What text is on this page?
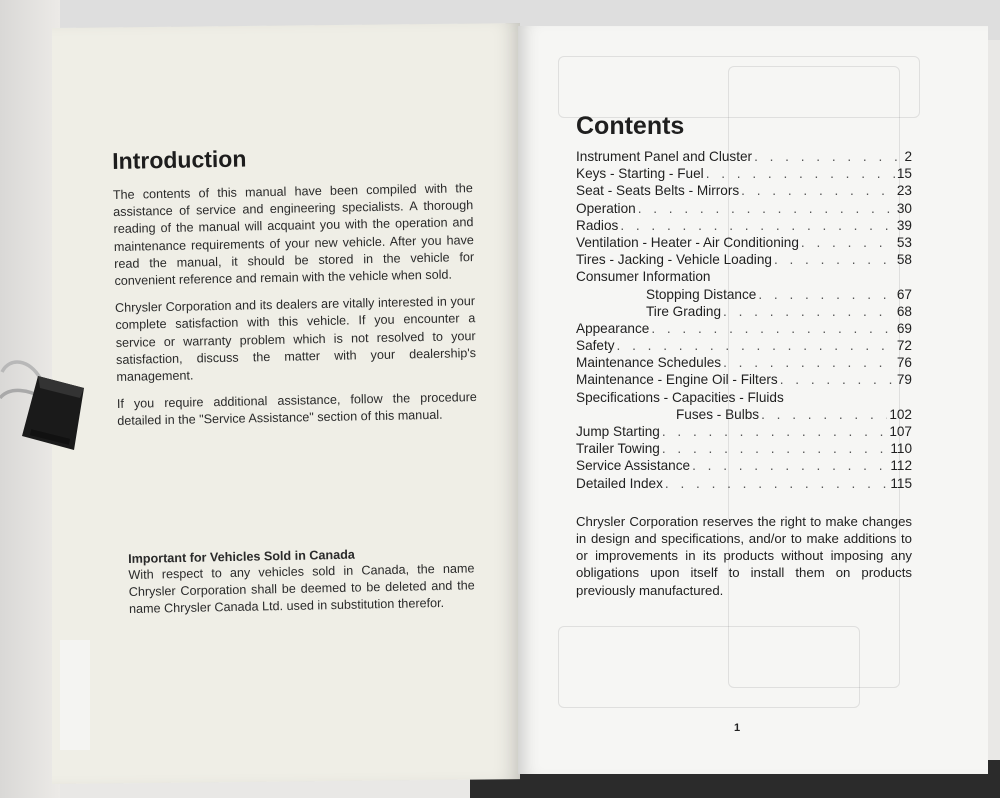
Introduction

The contents of this manual have been compiled with the assistance of service and engineering specialists. A thorough reading of the manual will acquaint you with the operation and maintenance requirements of your new vehicle. After you have read the manual, it should be stored in the vehicle for convenient reference and remain with the vehicle when sold.

Chrysler Corporation and its dealers are vitally interested in your complete satisfaction with this vehicle. If you encounter a service or warranty problem which is not resolved to your satisfaction, discuss the matter with your dealership's management.

If you require additional assistance, follow the procedure detailed in the "Service Assistance" section of this manual.

Important for Vehicles Sold in Canada

With respect to any vehicles sold in Canada, the name Chrysler Corporation shall be deemed to be deleted and the name Chrysler Canada Ltd. used in substitution therefor.

Contents
Instrument Panel and Cluster . . .	2
Keys - Starting - Fuel . . .	15
Seat - Seats Belts - Mirrors . . .	23
Operation . . .	30
Radios . . .	39
Ventilation - Heater - Air Conditioning . . .	53
Tires - Jacking - Vehicle Loading . . .	58
Consumer Information
Stopping Distance . . .	67
Tire Grading . . .	68
Appearance . . .	69
Safety . . .	72
Maintenance Schedules . . .	76
Maintenance - Engine Oil - Filters . . .	79
Specifications - Capacities - Fluids
Fuses - Bulbs . . .	102
Jump Starting . . .	107
Trailer Towing . . .	110
Service Assistance . . .	112
Detailed Index . . .	115

Chrysler Corporation reserves the right to make changes in design and specifications, and/or to make additions to or improvements in its products without imposing any obligations upon itself to install them on products previously manufactured.

1
